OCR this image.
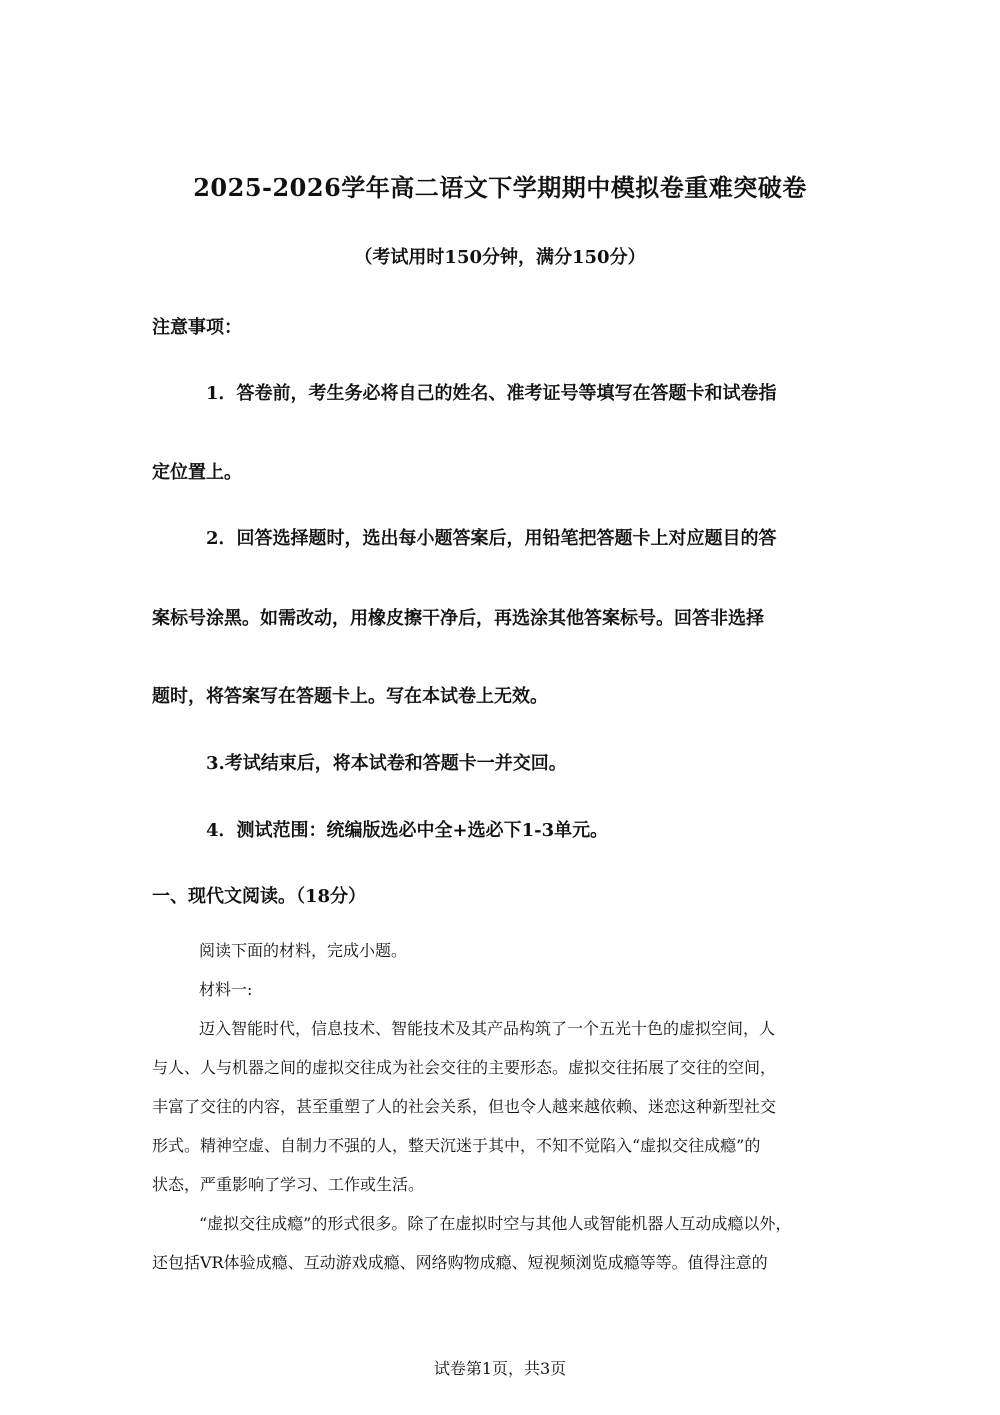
2025-2026学年高二语文下学期期中模拟卷重难突破卷
（考试用时150分钟，满分150分）
注意事项：
1．答卷前，考生务必将自己的姓名、准考证号等填写在答题卡和试卷指
定位置上。
2．回答选择题时，选出每小题答案后，用铅笔把答题卡上对应题目的答
案标号涂黑。如需改动，用橡皮擦干净后，再选涂其他答案标号。回答非选择
题时，将答案写在答题卡上。写在本试卷上无效。
3.考试结束后，将本试卷和答题卡一并交回。
4．测试范围：统编版选必中全+选必下1-3单元。
一、现代文阅读。（18分）
阅读下面的材料，完成小题。
材料一:
迈入智能时代，信息技术、智能技术及其产品构筑了一个五光十色的虚拟空间，人
与人、人与机器之间的虚拟交往成为社会交往的主要形态。虚拟交往拓展了交往的空间，
丰富了交往的内容，甚至重塑了人的社会关系，但也令人越来越依赖、迷恋这种新型社交
形式。精神空虚、自制力不强的人，整天沉迷于其中，不知不觉陷入“虚拟交往成瘾”的
状态，严重影响了学习、工作或生活。
“虚拟交往成瘾”的形式很多。除了在虚拟时空与其他人或智能机器人互动成瘾以外，
还包括VR体验成瘾、互动游戏成瘾、网络购物成瘾、短视频浏览成瘾等等。值得注意的
试卷第1页，共3页
